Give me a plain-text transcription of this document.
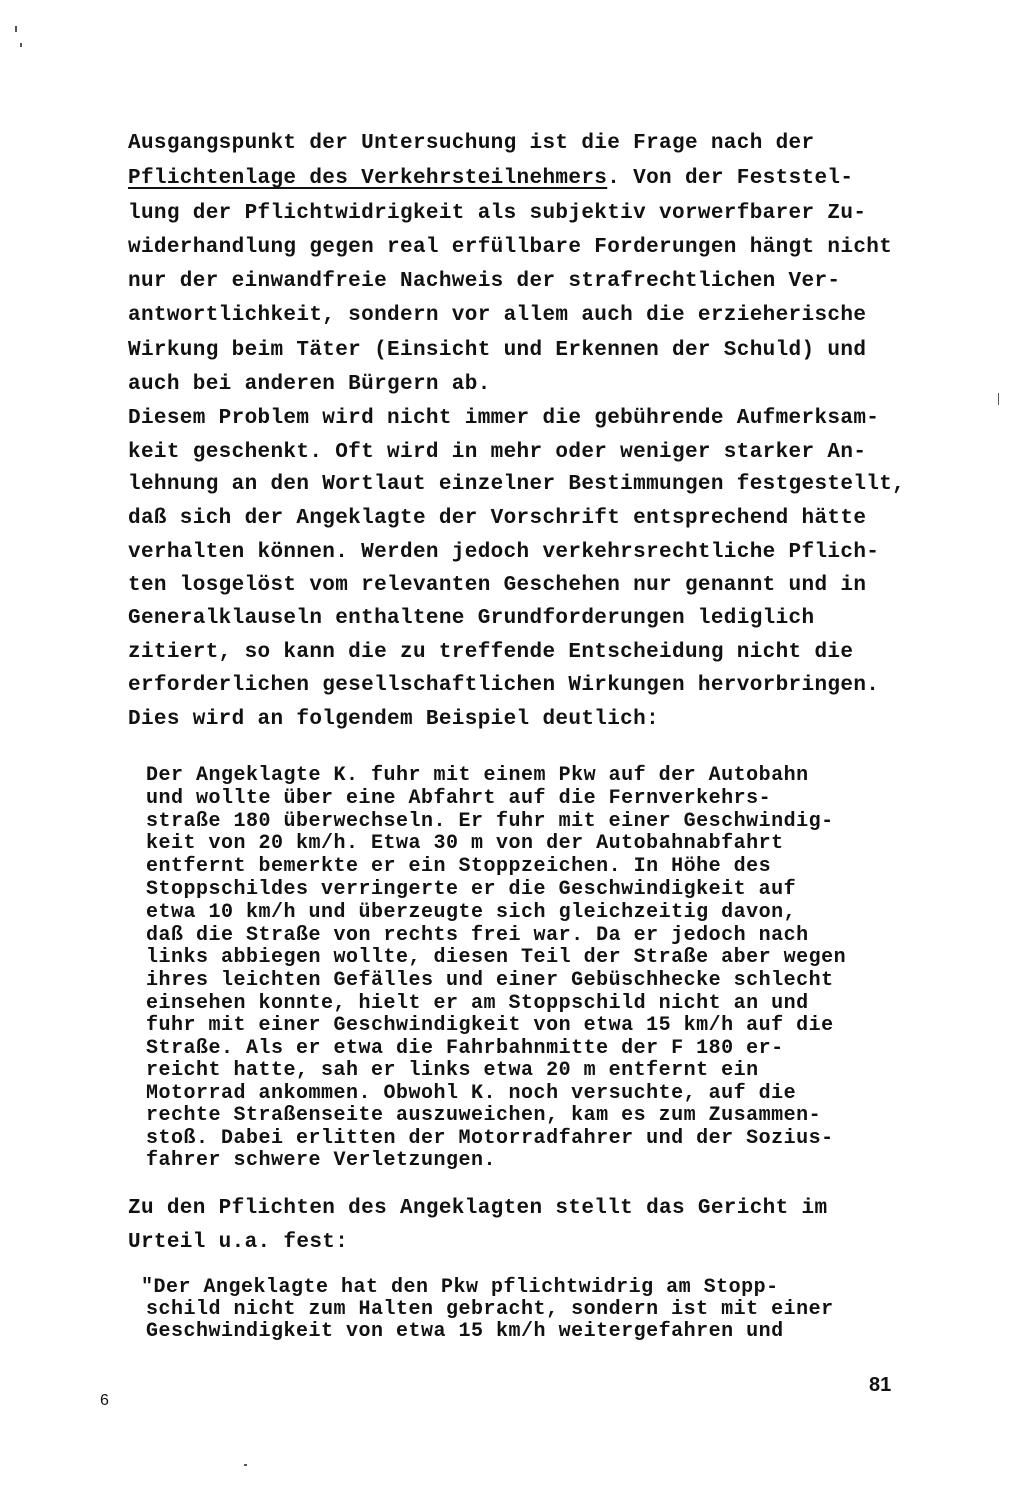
Ausgangspunkt der Untersuchung ist die Frage nach der
Pflichtenlage des Verkehrsteilnehmers. Von der Feststel-
lung der Pflichtwidrigkeit als subjektiv vorwerfbarer Zu-
widerhandlung gegen real erfüllbare Forderungen hängt nicht
nur der einwandfreie Nachweis der strafrechtlichen Ver-
antwortlichkeit, sondern vor allem auch die erzieherische
Wirkung beim Täter (Einsicht und Erkennen der Schuld) und
auch bei anderen Bürgern ab.
Diesem Problem wird nicht immer die gebührende Aufmerksam-
keit geschenkt. Oft wird in mehr oder weniger starker An-
lehnung an den Wortlaut einzelner Bestimmungen festgestellt,
daß sich der Angeklagte der Vorschrift entsprechend hätte
verhalten können. Werden jedoch verkehrsrechtliche Pflich-
ten losgelöst vom relevanten Geschehen nur genannt und in
Generalklauseln enthaltene Grundforderungen lediglich
zitiert, so kann die zu treffende Entscheidung nicht die
erforderlichen gesellschaftlichen Wirkungen hervorbringen.
Dies wird an folgendem Beispiel deutlich:
Der Angeklagte K. fuhr mit einem Pkw auf der Autobahn
und wollte über eine Abfahrt auf die Fernverkehrs-
straße 180 überwechseln. Er fuhr mit einer Geschwindig-
keit von 20 km/h. Etwa 30 m von der Autobahnabfahrt
entfernt bemerkte er ein Stoppzeichen. In Höhe des
Stoppschildes verringerte er die Geschwindigkeit auf
etwa 10 km/h und überzeugte sich gleichzeitig davon,
daß die Straße von rechts frei war. Da er jedoch nach
links abbiegen wollte, diesen Teil der Straße aber wegen
ihres leichten Gefälles und einer Gebüschhecke schlecht
einsehen konnte, hielt er am Stoppschild nicht an und
fuhr mit einer Geschwindigkeit von etwa 15 km/h auf die
Straße. Als er etwa die Fahrbahnmitte der F 180 er-
reicht hatte, sah er links etwa 20 m entfernt ein
Motorrad ankommen. Obwohl K. noch versuchte, auf die
rechte Straßenseite auszuweichen, kam es zum Zusammen-
stoß. Dabei erlitten der Motorradfahrer und der Sozius-
fahrer schwere Verletzungen.
Zu den Pflichten des Angeklagten stellt das Gericht im
Urteil u.a. fest:
"Der Angeklagte hat den Pkw pflichtwidrig am Stopp-
schild nicht zum Halten gebracht, sondern ist mit einer
Geschwindigkeit von etwa 15 km/h weitergefahren und
6
81
